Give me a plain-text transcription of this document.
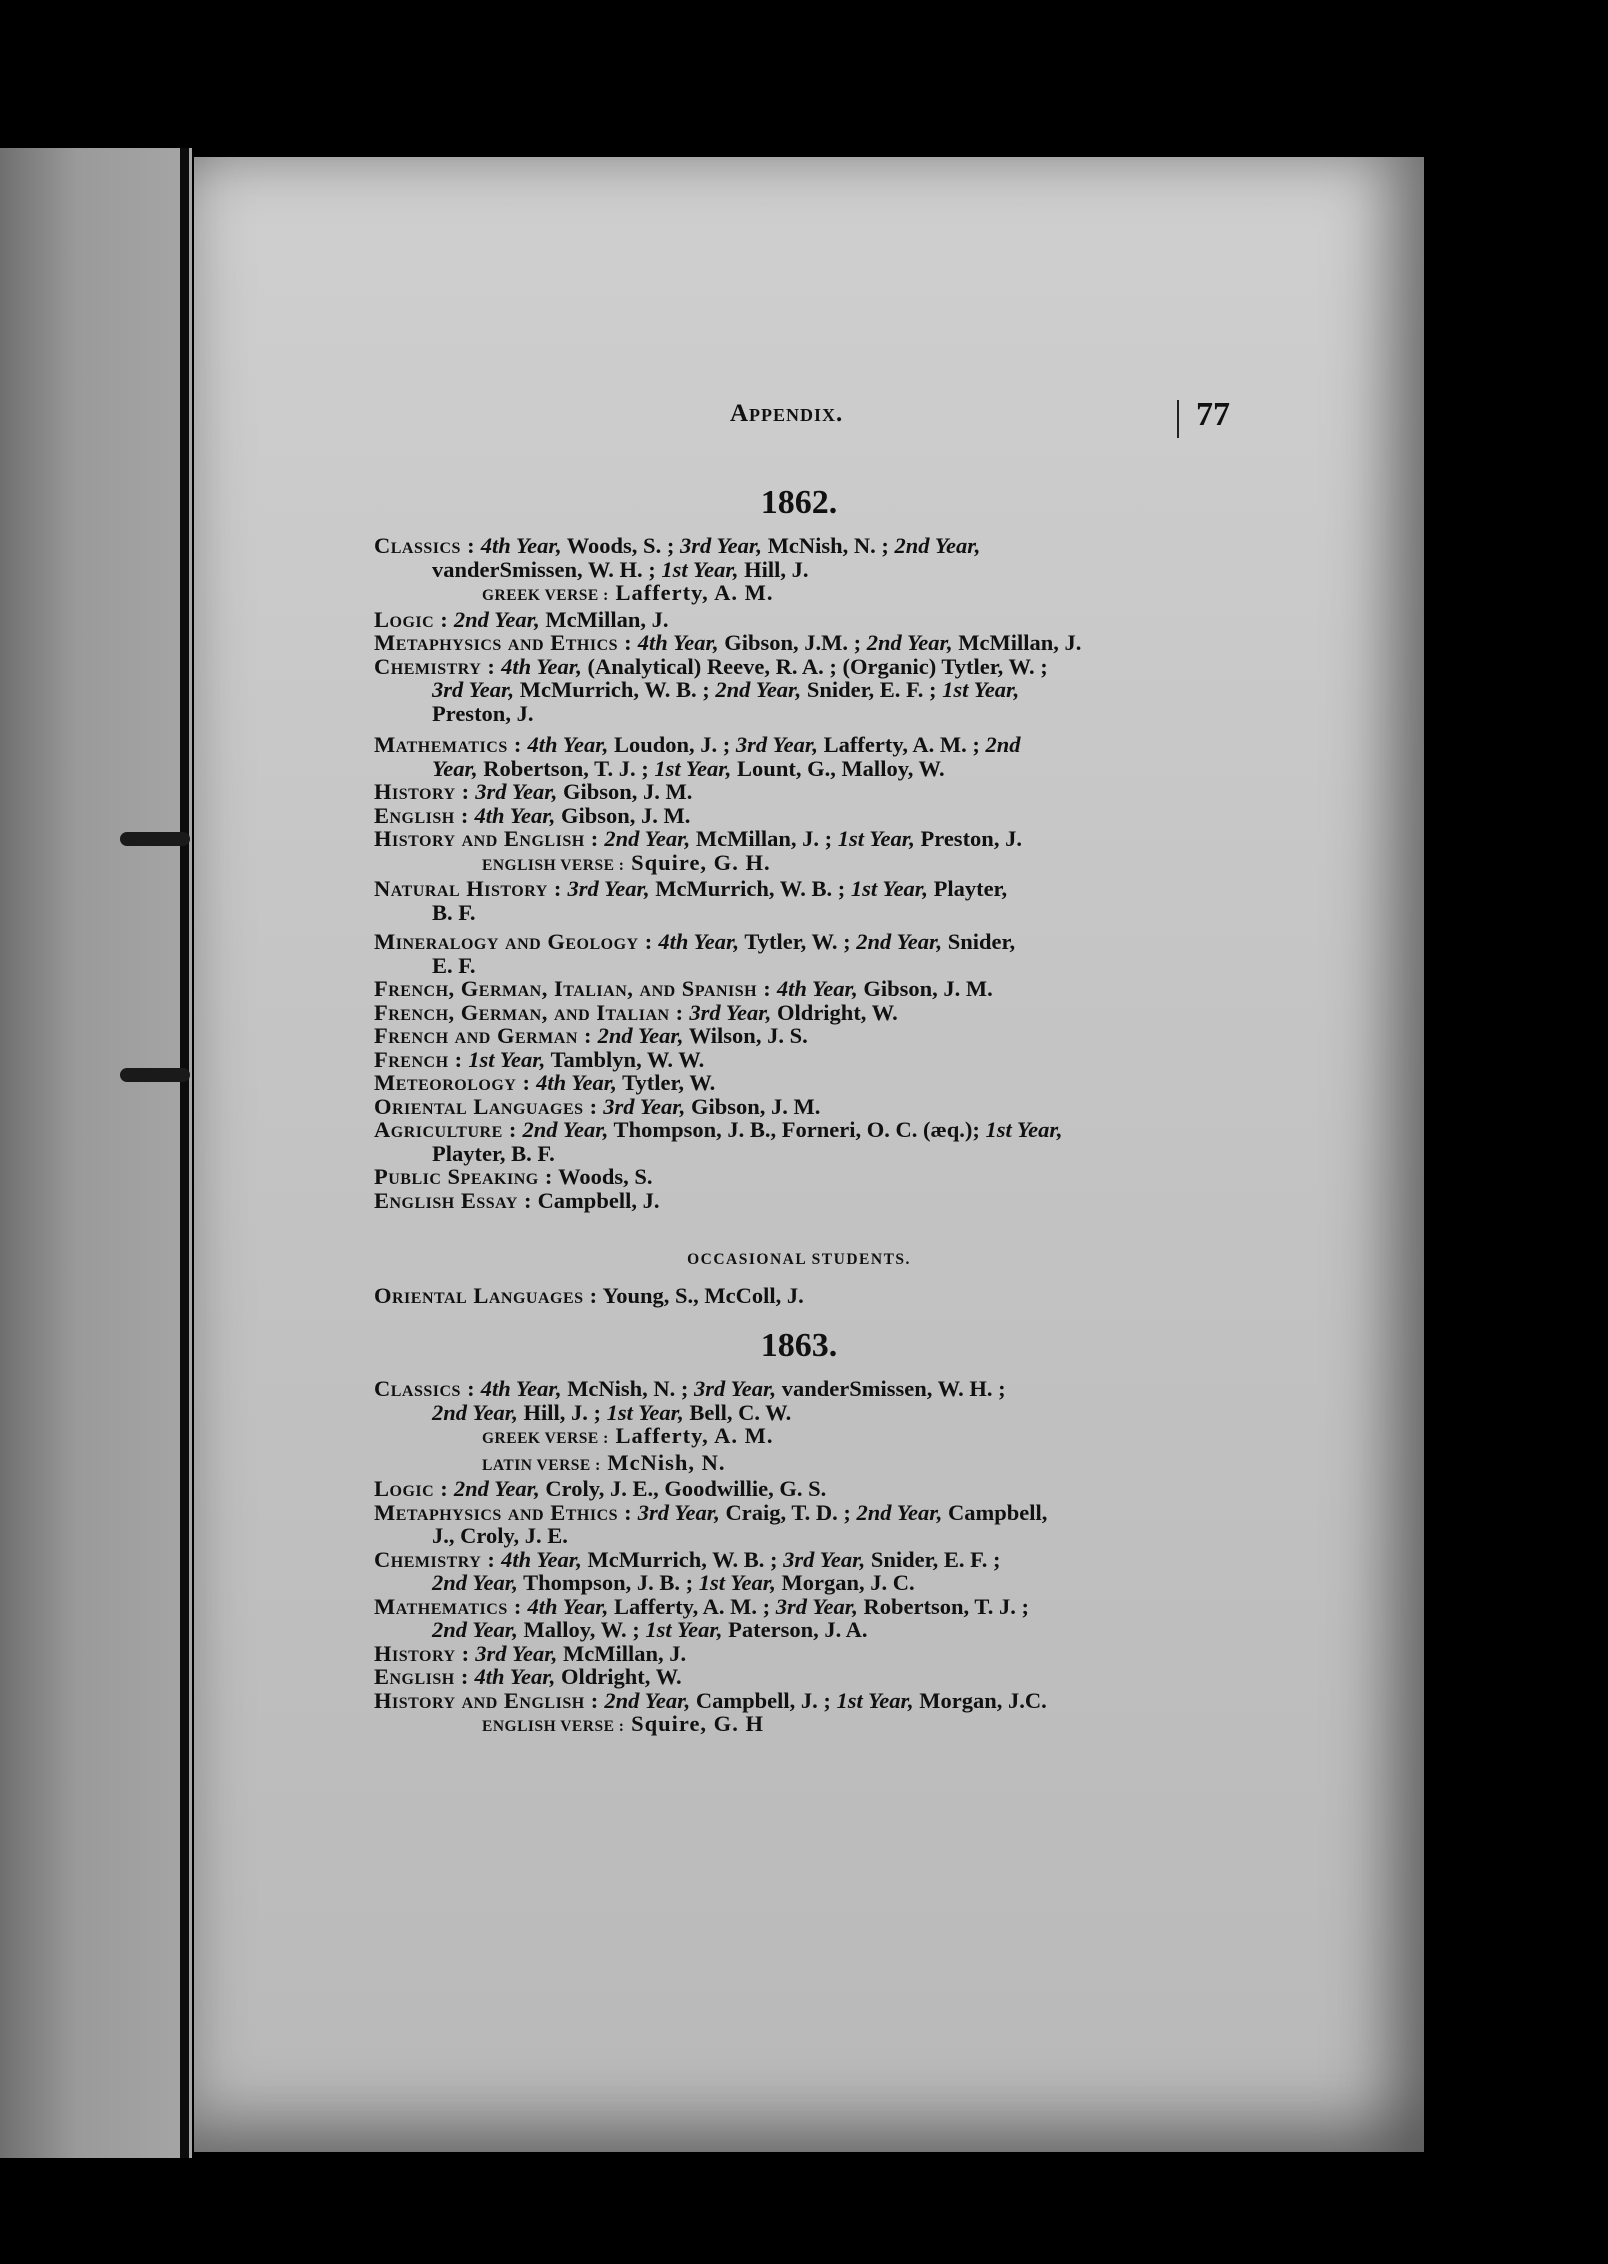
Appendix.	77
1862.

Classics : 4th Year, Woods, S. ; 3rd Year, McNish, N. ; 2nd Year,
vanderSmissen, W. H. ; 1st Year, Hill, J.

GREEK VERSE : Lafferty, A. M.

Logic : 2nd Year, McMillan, J.

Metaphysics and Ethics : 4th Year, Gibson, J.M. ; 2nd Year, McMillan, J.

Chemistry : 4th Year, (Analytical) Reeve, R. A. ; (Organic) Tytler, W. ;
3rd Year, McMurrich, W. B. ; 2nd Year, Snider, E. F. ; 1st Year,
Preston, J.

Mathematics : 4th Year, Loudon, J. ; 3rd Year, Lafferty, A. M. ; 2nd
Year, Robertson, T. J. ; 1st Year, Lount, G., Malloy, W.

History : 3rd Year, Gibson, J. M.

English : 4th Year, Gibson, J. M.

History and English : 2nd Year, McMillan, J. ; 1st Year, Preston, J.

ENGLISH VERSE : Squire, G. H.

Natural History : 3rd Year, McMurrich, W. B. ; 1st Year, Playter,
B. F.

Mineralogy and Geology : 4th Year, Tytler, W. ; 2nd Year, Snider,
E. F.

French, German, Italian, and Spanish : 4th Year, Gibson, J. M.

French, German, and Italian : 3rd Year, Oldright, W.

French and German : 2nd Year, Wilson, J. S.

French : 1st Year, Tamblyn, W. W.

Meteorology : 4th Year, Tytler, W.

Oriental Languages : 3rd Year, Gibson, J. M.

Agriculture : 2nd Year, Thompson, J. B., Forneri, O. C. (æq.); 1st Year,
Playter, B. F.

Public Speaking : Woods, S.

English Essay : Campbell, J.

OCCASIONAL STUDENTS.

Oriental Languages : Young, S., McColl, J.

1863.

Classics : 4th Year, McNish, N. ; 3rd Year, vanderSmissen, W. H. ;
2nd Year, Hill, J. ; 1st Year, Bell, C. W.

GREEK VERSE : Lafferty, A. M.

LATIN VERSE : McNish, N.

Logic : 2nd Year, Croly, J. E., Goodwillie, G. S.

Metaphysics and Ethics : 3rd Year, Craig, T. D. ; 2nd Year, Campbell,
J., Croly, J. E.

Chemistry : 4th Year, McMurrich, W. B. ; 3rd Year, Snider, E. F. ;
2nd Year, Thompson, J. B. ; 1st Year, Morgan, J. C.

Mathematics : 4th Year, Lafferty, A. M. ; 3rd Year, Robertson, T. J. ;
2nd Year, Malloy, W. ; 1st Year, Paterson, J. A.

History : 3rd Year, McMillan, J.

English : 4th Year, Oldright, W.

History and English : 2nd Year, Campbell, J. ; 1st Year, Morgan, J.C.

ENGLISH VERSE : Squire, G. H
